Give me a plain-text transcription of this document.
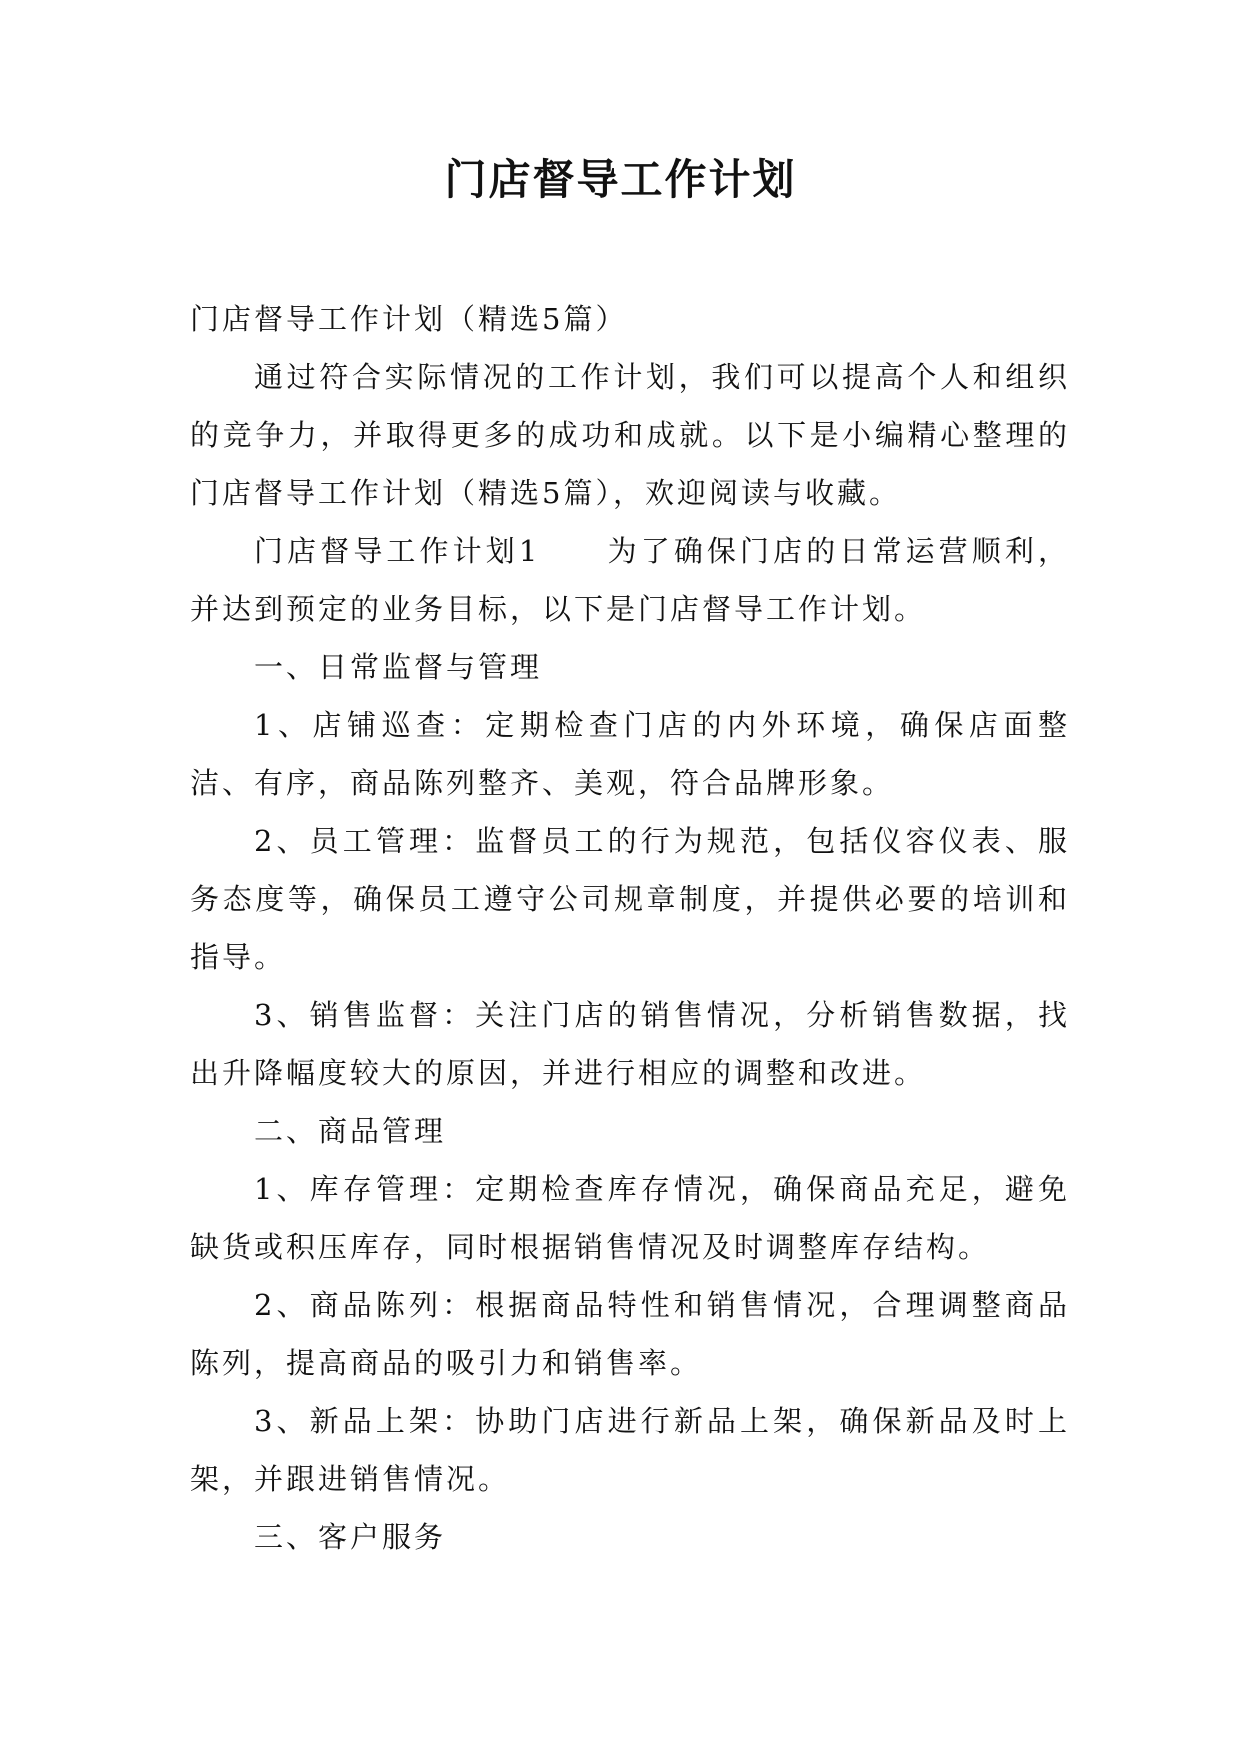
门店督导工作计划

门店督导工作计划（精选5篇）

通过符合实际情况的工作计划，我们可以提高个人和组织的竞争力，并取得更多的成功和成就。以下是小编精心整理的门店督导工作计划（精选5篇），欢迎阅读与收藏。

门店督导工作计划1　　为了确保门店的日常运营顺利，并达到预定的业务目标，以下是门店督导工作计划。

一、日常监督与管理

1、店铺巡查：定期检查门店的内外环境，确保店面整洁、有序，商品陈列整齐、美观，符合品牌形象。

2、员工管理：监督员工的行为规范，包括仪容仪表、服务态度等，确保员工遵守公司规章制度，并提供必要的培训和指导。

3、销售监督：关注门店的销售情况，分析销售数据，找出升降幅度较大的原因，并进行相应的调整和改进。

二、商品管理

1、库存管理：定期检查库存情况，确保商品充足，避免缺货或积压库存，同时根据销售情况及时调整库存结构。

2、商品陈列：根据商品特性和销售情况，合理调整商品陈列，提高商品的吸引力和销售率。

3、新品上架：协助门店进行新品上架，确保新品及时上架，并跟进销售情况。

三、客户服务
